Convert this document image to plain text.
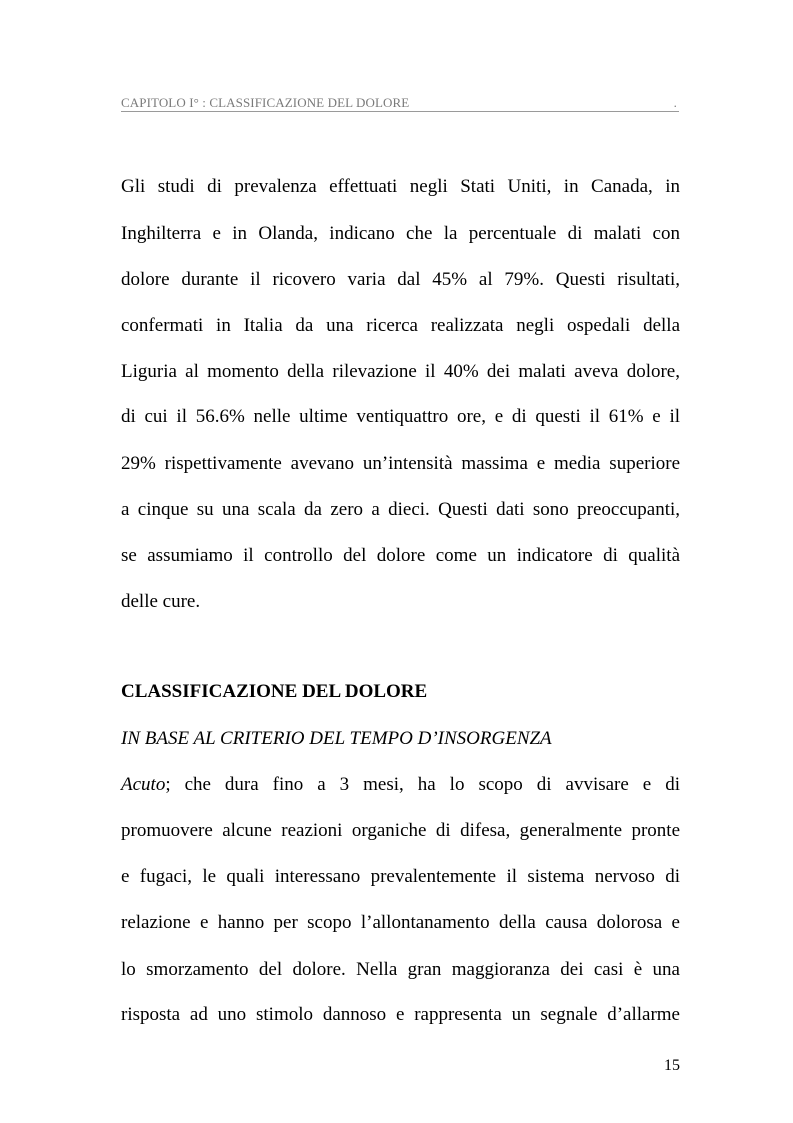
CAPITOLO I° : CLASSIFICAZIONE DEL DOLORE	.
Gli studi di prevalenza effettuati negli Stati Uniti, in Canada, in
Inghilterra e in Olanda, indicano che la percentuale di malati con
dolore durante il ricovero varia dal 45% al 79%. Questi risultati,
confermati in Italia da una ricerca realizzata negli ospedali della
Liguria al momento della rilevazione il 40% dei malati aveva dolore,
di cui il 56.6% nelle ultime ventiquattro ore, e di questi il 61% e il
29% rispettivamente avevano un’intensità massima e media superiore
a cinque su una scala da zero a dieci. Questi dati sono preoccupanti,
se assumiamo il controllo del dolore come un indicatore di qualità
delle cure.
CLASSIFICAZIONE DEL DOLORE
IN BASE AL CRITERIO DEL TEMPO D’INSORGENZA
Acuto; che dura fino a 3 mesi, ha lo scopo di avvisare e di
promuovere alcune reazioni organiche di difesa, generalmente pronte
e fugaci, le quali interessano prevalentemente il sistema nervoso di
relazione e hanno per scopo l’allontanamento della causa dolorosa e
lo smorzamento del dolore. Nella gran maggioranza dei casi è una
risposta ad uno stimolo dannoso e rappresenta un segnale d’allarme
15
